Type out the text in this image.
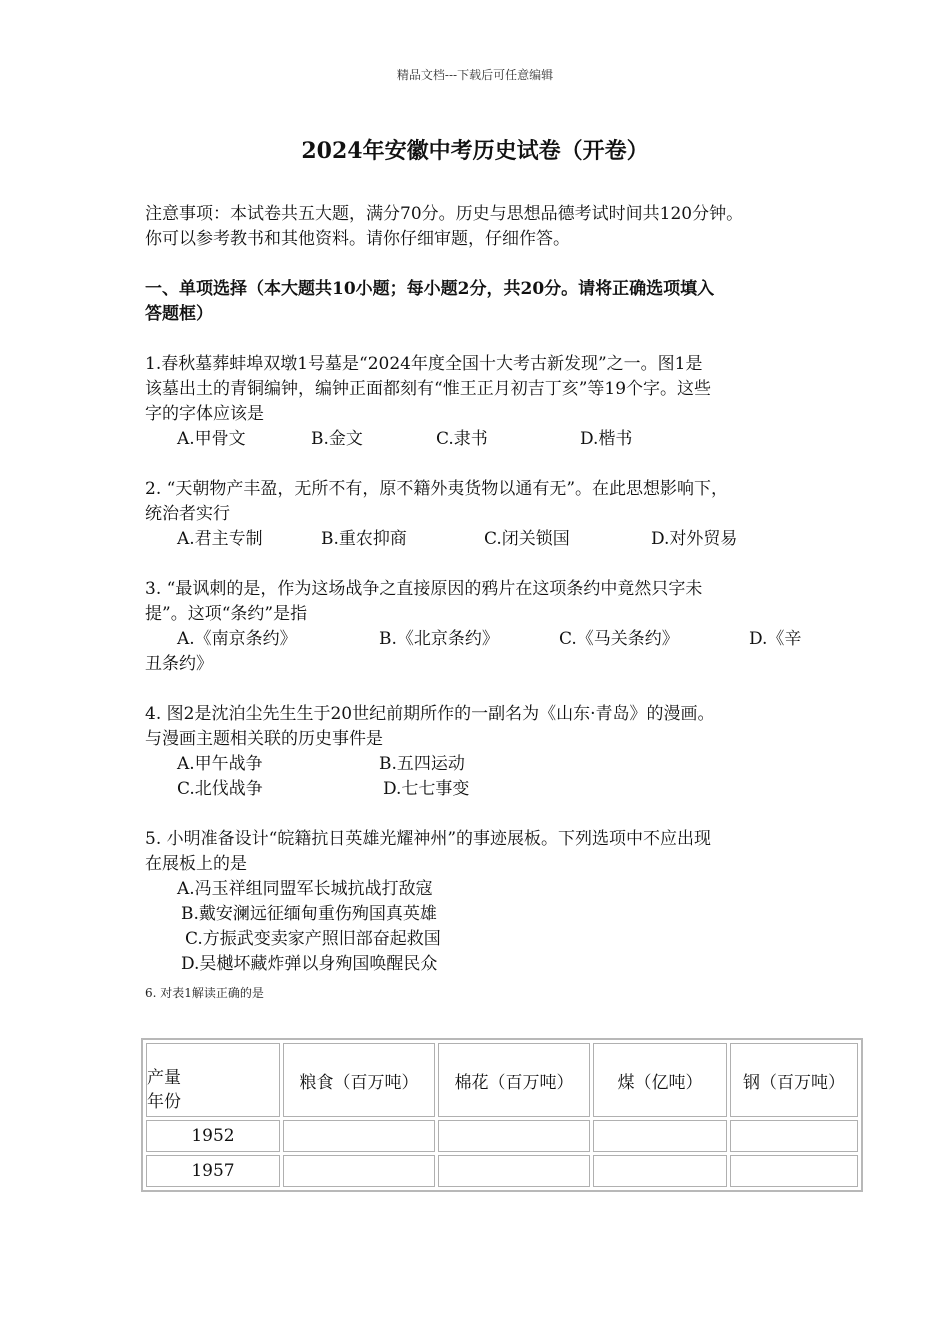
精品文档---下载后可任意编辑
2024年安徽中考历史试卷（开卷）

注意事项：本试卷共五大题，满分70分。历史与思想品德考试时间共120分钟。

你可以参考教书和其他资料。请你仔细审题，仔细作答。

一、单项选择（本大题共10小题；每小题2分，共20分。请将正确选项填入

答题框）

1.春秋墓葬蚌埠双墩1号墓是“2024年度全国十大考古新发现”之一。图1是

该墓出土的青铜编钟，编钟正面都刻有“惟王正月初吉丁亥”等19个字。这些

字的字体应该是

A.甲骨文	B.金文	C.隶书	D.楷书

2. “天朝物产丰盈，无所不有，原不籍外夷货物以通有无”。在此思想影响下，

统治者实行

A.君主专制	B.重农抑商	C.闭关锁国	D.对外贸易

3. “最讽刺的是，作为这场战争之直接原因的鸦片在这项条约中竟然只字未

提”。这项“条约”是指

A.《南京条约》	B.《北京条约》	C.《马关条约》	D.《辛

丑条约》

4. 图2是沈泊尘先生生于20世纪前期所作的一副名为《山东·青岛》的漫画。

与漫画主题相关联的历史事件是

A.甲午战争	B.五四运动
C.北伐战争	D.七七事变

5. 小明准备设计“皖籍抗日英雄光耀神州”的事迹展板。下列选项中不应出现

在展板上的是

A.冯玉祥组同盟军长城抗战打敌寇
B.戴安澜远征缅甸重伤殉国真英雄
C.方振武变卖家产照旧部奋起救国
D.吴樾坏藏炸弹以身殉国唤醒民众

6. 对表1解读正确的是

产量
年份	粮食（百万吨）	棉花（百万吨）	煤（亿吨）	钢（百万吨）
1952				
1957				
